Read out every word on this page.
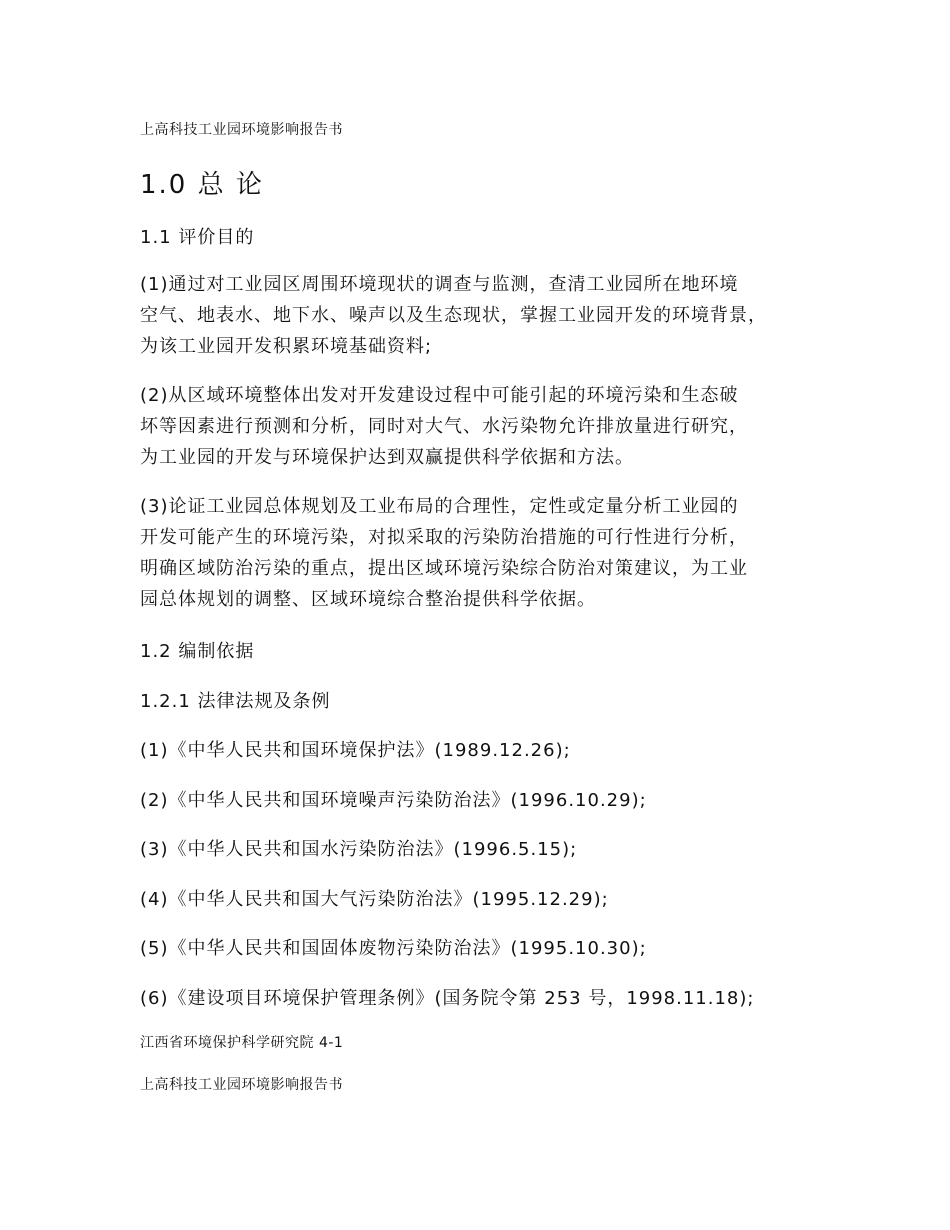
上高科技工业园环境影响报告书
1.0 总 论
1.1 评价目的
(1)通过对工业园区周围环境现状的调查与监测，查清工业园所在地环境
空气、地表水、地下水、噪声以及生态现状，掌握工业园开发的环境背景，
为该工业园开发积累环境基础资料;
(2)从区域环境整体出发对开发建设过程中可能引起的环境污染和生态破
坏等因素进行预测和分析，同时对大气、水污染物允许排放量进行研究，
为工业园的开发与环境保护达到双赢提供科学依据和方法。
(3)论证工业园总体规划及工业布局的合理性，定性或定量分析工业园的
开发可能产生的环境污染，对拟采取的污染防治措施的可行性进行分析，
明确区域防治污染的重点，提出区域环境污染综合防治对策建议，为工业
园总体规划的调整、区域环境综合整治提供科学依据。
1.2 编制依据
1.2.1 法律法规及条例
(1)《中华人民共和国环境保护法》(1989.12.26);
(2)《中华人民共和国环境噪声污染防治法》(1996.10.29);
(3)《中华人民共和国水污染防治法》(1996.5.15);
(4)《中华人民共和国大气污染防治法》(1995.12.29);
(5)《中华人民共和国固体废物污染防治法》(1995.10.30);
(6)《建设项目环境保护管理条例》(国务院令第 253 号，1998.11.18);
江西省环境保护科学研究院 4-1
上高科技工业园环境影响报告书
